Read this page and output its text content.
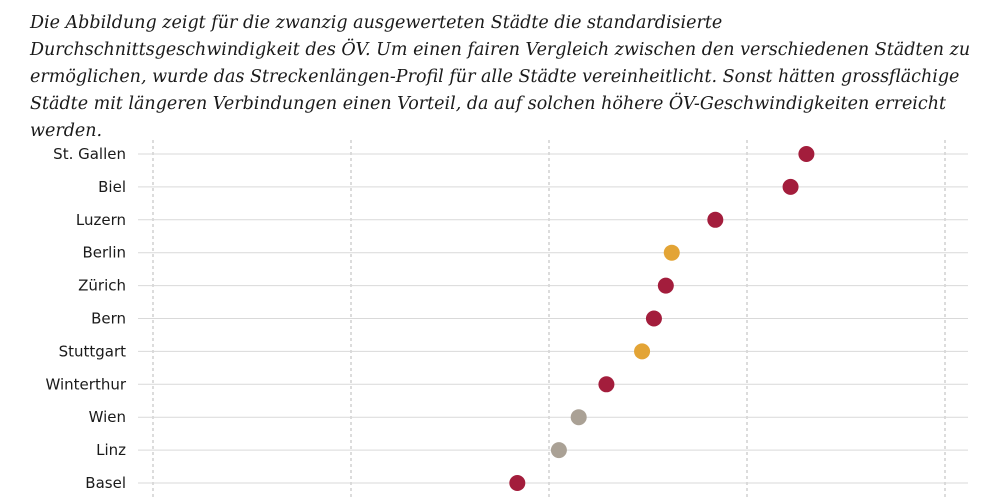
Die Abbildung zeigt für die zwanzig ausgewerteten Städte die standardisierte Durchschnittsgeschwindigkeit des ÖV. Um einen fairen Vergleich zwischen den verschiedenen Städten zu ermöglichen, wurde das Streckenlängen-Profil für alle Städte vereinheitlicht. Sonst hätten grossflächige Städte mit längeren Verbindungen einen Vorteil, da auf solchen höhere ÖV-Geschwindigkeiten erreicht werden.

St. Gallen
Biel
Luzern
Berlin
Zürich
Bern
Stuttgart
Winterthur
Wien
Linz
Basel
